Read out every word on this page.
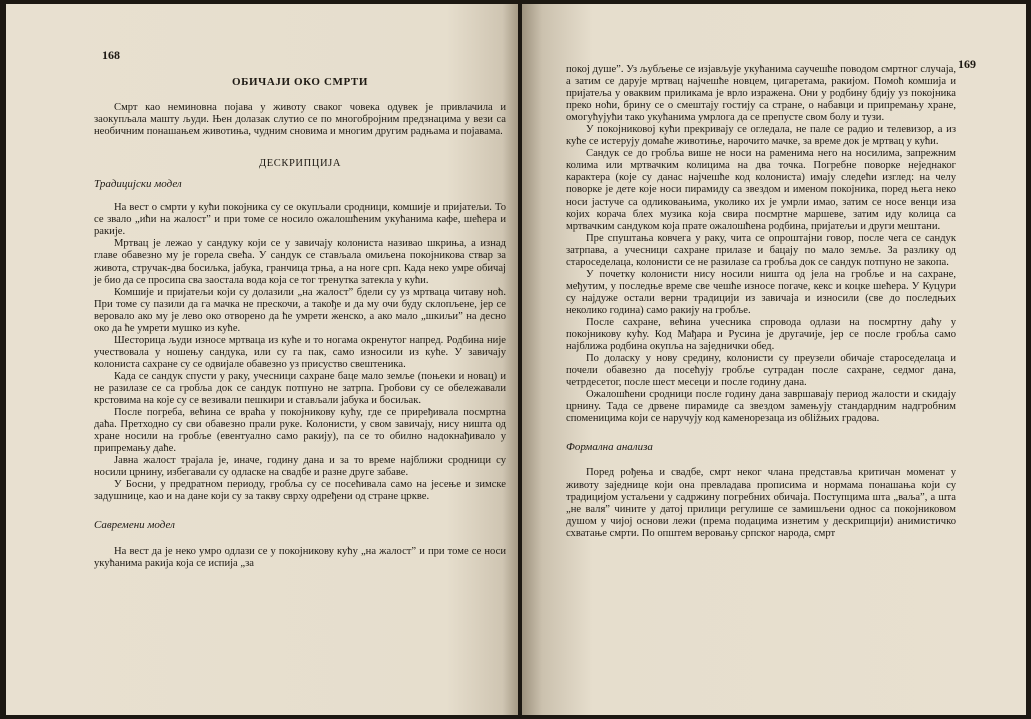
168
ОБИЧАЈИ ОКО СМРТИ

Смрт као неминовна појава у животу сваког човека одувек је привлачила и заокупљала машту људи. Њен долазак слутио се по многобројним предзнацима у вези са необичним понашањем животиња, чудним сновима и многим другим радњама и појавама.

ДЕСКРИПЦИЈА
Традицијски модел

На вест о смрти у кући покојника су се окупљали сродници, комшије и пријатељи. То се звало „ићи на жалост” и при томе се носило ожалошћеним укућанима кафе, шећера и ракије.

Мртвац је лежао у сандуку који се у завичају колониста називао шкриња, а изнад главе обавезно му је горела свећа. У сандук се стављала омиљена покојникова ствар за живота, стручак-два босиљка, јабука, гранчица трња, а на ноге срп. Када неко умре обичај је био да се просипа сва заостала вода која се тог тренутка затекла у кући.

Комшије и пријатељи који су долазили „на жалост” бдели су уз мртваца читаву ноћ. При томе су пазили да га мачка не прескочи, а такође и да му очи буду склопљене, јер се веровало ако му је лево око отворено да ће умрети женско, а ако мало „шкиљи” на десно око да ће умрети мушко из куће.

Шесторица људи износе мртваца из куће и то ногама окренутог напред. Родбина није учествовала у ношењу сандука, или су га пак, само износили из куће. У завичају колониста сахране су се одвијале обавезно уз присуство свештеника.

Када се сандук спусти у раку, учесници сахране баце мало земље (поњеки и новац) и не разилазе се са гробља док се сандук потпуно не затрпа. Гробови су се обележавали крстовима на које су се везивали пешкири и стављали јабука и босиљак.

После погреба, већина се враћа у покојникову кућу, где се приређивала посмртна даћа. Претходно су сви обавезно прали руке. Колонисти, у свом завичају, нису ништа од хране носили на гробље (евентуално само ракију), па се то обилно надокнађивало у припремању даће.

Јавна жалост трајала је, иначе, годину дана и за то време најближи сродници су носили црнину, избегавали су одласке на свадбе и разне друге забаве.

У Босни, у предратном периоду, гробља су се посећивала само на јесење и зимске задушнице, као и на дане који су за такву сврху одређени од стране цркве.

Савремени модел

На вест да је неко умро одлази се у покојникову кућу „на жалост” и при томе се носи укућанима ракија која се испија „за

169

покој душе”. Уз љубљење се изјављује укућанима саучешће поводом смртног случаја, а затим се дарује мртвац најчешће новцем, цигаретама, ракијом. Помоћ комшија и пријатеља у оваквим приликама је врло изражена. Они у родбину бдију уз покојника преко ноћи, брину се о смештају гостију са стране, о набавци и припремању хране, омогућујући тако укућанима умрлога да се препусте свом болу и тузи.

У покојниковој кући прекривају се огледала, не пале се радио и телевизор, а из куће се истерују домаће животиње, нарочито мачке, за време док је мртвац у кући.

Сандук се до гробља више не носи на раменима него на носилима, запрежним колима или мртвачким колицима на два точка. Погребне поворке неједнаког карактера (које су данас најчешће код колониста) имају следећи изглед: на челу поворке је дете које носи пирамиду са звездом и именом покојника, поред њега неко носи јастуче са одликовањима, уколико их је умрли имао, затим се носе венци иза којих корача блех музика која свира посмртне маршеве, затим иду колица са мртвачким сандуком која прате ожалошћена родбина, пријатељи и други мештани.

Пре спуштања ковчега у раку, чита се опроштајни говор, после чега се сандук затрпава, а учесници сахране прилазе и бацају по мало земље. За разлику од староседелаца, колонисти се не разилазе са гробља док се сандук потпуно не закопа.

У почетку колонисти нису носили ништа од јела на гробље и на сахране, међутим, у последње време све чешће износе погаче, кекс и коцке шећера. У Куцури су најдуже остали верни традицији из завичаја и износили (све до последњих неколико година) само ракију на гробље.

После сахране, већина учесника спровода одлази на посмртну даћу у покојникову кућу. Код Мађара и Русина је другачије, јер се после гробља само најближа родбина окупља на заједнички обед.

По доласку у нову средину, колонисти су преузели обичаје староседелаца и почели обавезно да посећују гробље сутрадан после сахране, седмог дана, четрдесетог, после шест месеци и после годину дана.

Ожалошћени сродници после годину дана завршавају период жалости и скидају црнину. Тада се дрвене пирамиде са звездом замењују стандардним надгробним споменицима који се наручују код каменорезаца из обližњих градова.

Формална анализа

Поред рођења и свадбе, смрт неког члана представља критичан моменат у животу заједнице који она превладава прописима и нормама понашања који су традицијом устаљени у садржину погребних обичаја. Поступцима шта „ваља”, а шта „не валя” чините у датој прилици регулише се замишљени однос са покојниковом душом у чијој основи лежи (према подацима изнетим у дескрипцији) анимистичко схватање смрти. По општем веровању српског народа, смрт
